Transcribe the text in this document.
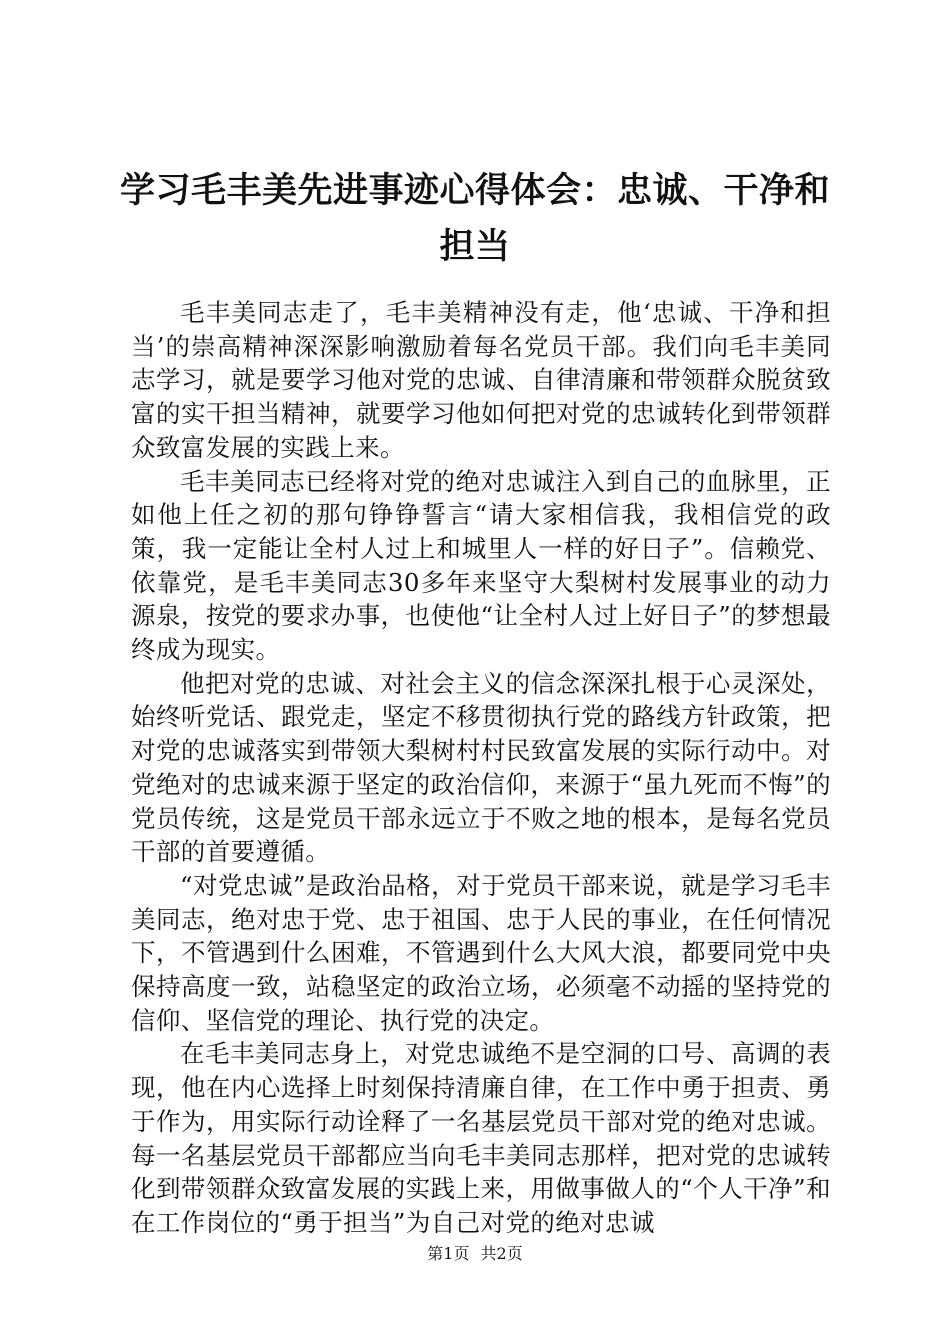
学习毛丰美先进事迹心得体会：忠诚、干净和担当

毛丰美同志走了，毛丰美精神没有走，他‘忠诚、干净和担当’的崇高精神深深影响激励着每名党员干部。我们向毛丰美同志学习，就是要学习他对党的忠诚、自律清廉和带领群众脱贫致富的实干担当精神，就要学习他如何把对党的忠诚转化到带领群众致富发展的实践上来。

毛丰美同志已经将对党的绝对忠诚注入到自己的血脉里，正如他上任之初的那句铮铮誓言“请大家相信我，我相信党的政策，我一定能让全村人过上和城里人一样的好日子”。信赖党、依靠党，是毛丰美同志30多年来坚守大梨树村发展事业的动力源泉，按党的要求办事，也使他“让全村人过上好日子”的梦想最终成为现实。

他把对党的忠诚、对社会主义的信念深深扎根于心灵深处，始终听党话、跟党走，坚定不移贯彻执行党的路线方针政策，把对党的忠诚落实到带领大梨树村村民致富发展的实际行动中。对党绝对的忠诚来源于坚定的政治信仰，来源于“虽九死而不悔”的党员传统，这是党员干部永远立于不败之地的根本，是每名党员干部的首要遵循。

“对党忠诚”是政治品格，对于党员干部来说，就是学习毛丰美同志，绝对忠于党、忠于祖国、忠于人民的事业，在任何情况下，不管遇到什么困难，不管遇到什么大风大浪，都要同党中央保持高度一致，站稳坚定的政治立场，必须毫不动摇的坚持党的信仰、坚信党的理论、执行党的决定。

在毛丰美同志身上，对党忠诚绝不是空洞的口号、高调的表现，他在内心选择上时刻保持清廉自律，在工作中勇于担责、勇于作为，用实际行动诠释了一名基层党员干部对党的绝对忠诚。每一名基层党员干部都应当向毛丰美同志那样，把对党的忠诚转化到带领群众致富发展的实践上来，用做事做人的“个人干净”和在工作岗位的“勇于担当”为自己对党的绝对忠诚

第1页 共2页
